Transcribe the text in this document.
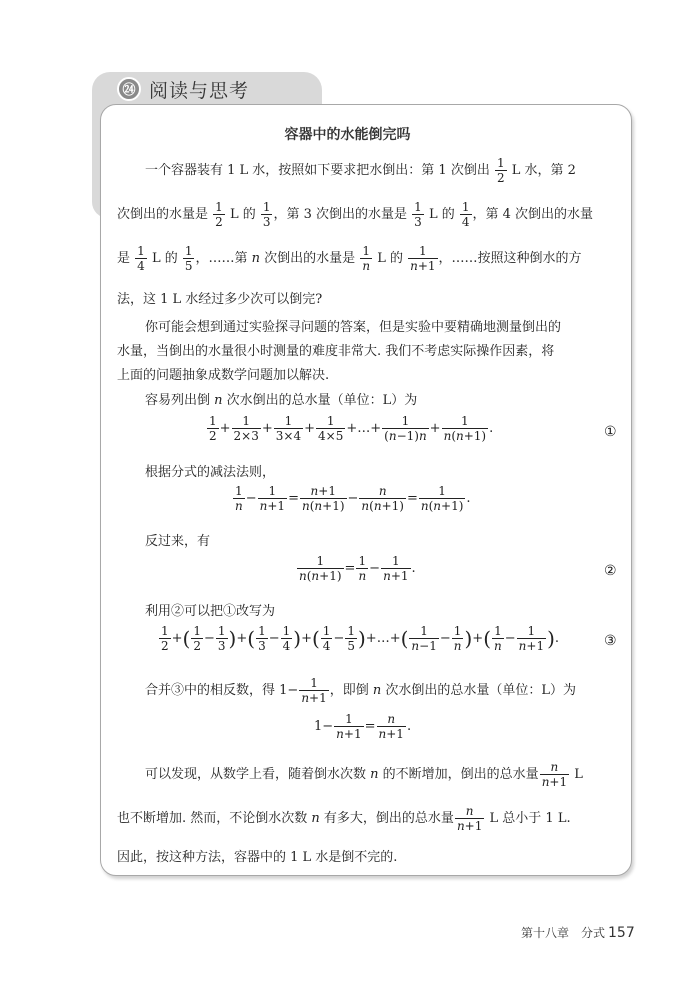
㉔ 阅读与思考
容器中的水能倒完吗
一个容器装有 1 L 水，按照如下要求把水倒出：第 1 次倒出 $\frac{1}{2}$ L 水，第 2
次倒出的水量是 $\frac{1}{2}$ L 的 $\frac{1}{3}$ ，第 3 次倒出的水量是 $\frac{1}{3}$ L 的 $\frac{1}{4}$ ，第 4 次倒出的水量
是 $\frac{1}{4}$ L 的 $\frac{1}{5}$ ，……第 n 次倒出的水量是 $\frac{1}{n}$ L 的 $\frac{1}{n+1}$ ，……按照这种倒水的方
法，这 1 L 水经过多少次可以倒完?
你可能会想到通过实验探寻问题的答案，但是实验中要精确地测量倒出的
水量，当倒出的水量很小时测量的难度非常大. 我们不考虑实际操作因素，将
上面的问题抽象成数学问题加以解决.
容易列出倒 n 次水倒出的总水量（单位：L）为
$\frac{1}{2} + \frac{1}{2\times 3} + \frac{1}{3\times 4} + \frac{1}{4\times 5}$ +…+ $\frac{1}{(n-1)n} + \frac{1}{n(n+1)}$ .	①
根据分式的减法法则，
$\frac{1}{n} - \frac{1}{n+1} = \frac{n+1}{n(n+1)} - \frac{n}{n(n+1)} = \frac{1}{n(n+1)}$ .
反过来，有
$\frac{1}{n(n+1)} = \frac{1}{n} - \frac{1}{n+1}$ .	②
利用②可以把①改写为
$\frac{1}{2}$ +( $\frac{1}{2} - \frac{1}{3}$ )+( $\frac{1}{3} - \frac{1}{4}$ )+( $\frac{1}{4} - \frac{1}{5}$ )+…+( $\frac{1}{n-1} - \frac{1}{n}$ )+( $\frac{1}{n} - \frac{1}{n+1}$ ).	③
合并③中的相反数，得 $1- \frac{1}{n+1}$ ，即倒 n 次水倒出的总水量（单位：L）为
$1- \frac{1}{n+1} = \frac{n}{n+1}$ .
可以发现，从数学上看，随着倒水次数 n 的不断增加，倒出的总水量 $\frac{n}{n+1}$ L
也不断增加. 然而，不论倒水次数 n 有多大，倒出的总水量 $\frac{n}{n+1}$ L 总小于 1 L.
因此，按这种方法，容器中的 1 L 水是倒不完的.
第十八章　分式 157
